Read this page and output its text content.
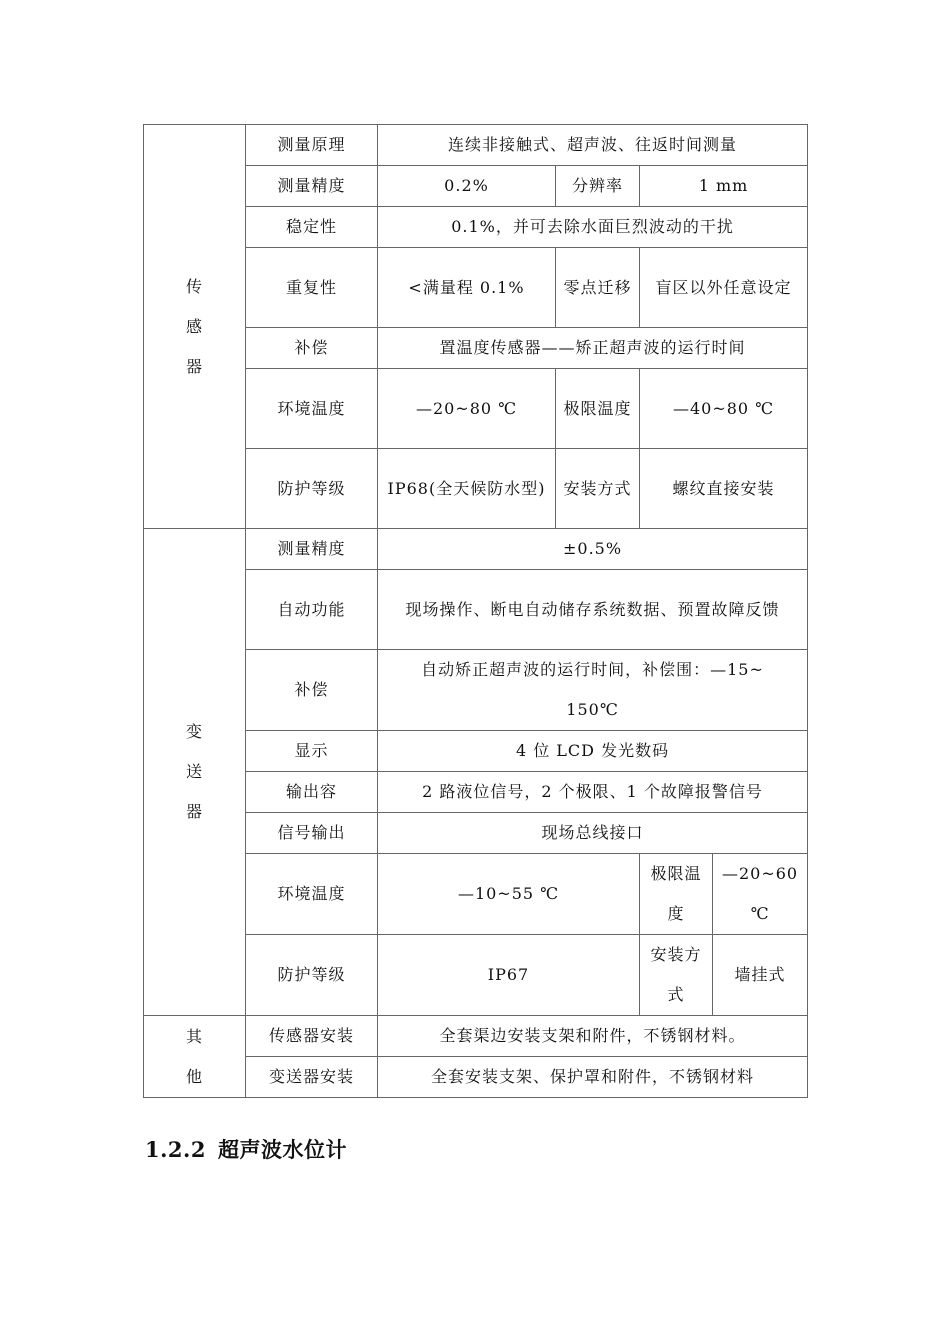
传
感
器	测量原理	连续非接触式、超声波、往返时间测量			
	测量精度	0.2%	分辨率	1 mm	
	稳定性	0.1%，并可去除水面巨烈波动的干扰			
	重复性	<满量程 0.1%	零点迁移	盲区以外任意设定	
	补偿	置温度传感器——矫正超声波的运行时间			
	环境温度	—20~80 ℃	极限温度	—40~80 ℃	
	防护等级	IP68(全天候防水型)	安装方式	螺纹直接安装	

变
送
器	测量精度	±0.5%			
	自动功能	现场操作、断电自动储存系统数据、预置故障反馈			
	补偿	自动矫正超声波的运行时间，补偿围：—15~150℃			
	显示	4 位 LCD 发光数码			
	输出容	2 路液位信号，2 个极限、1 个故障报警信号			
	信号输出	现场总线接口			
	环境温度	—10~55 ℃		极限温度	—20~60 ℃
	防护等级	IP67		安装方式	墙挂式

其
他	传感器安装	全套渠边安装支架和附件，不锈钢材料。			
	变送器安装	全套安装支架、保护罩和附件，不锈钢材料			
1.2.2 超声波水位计
